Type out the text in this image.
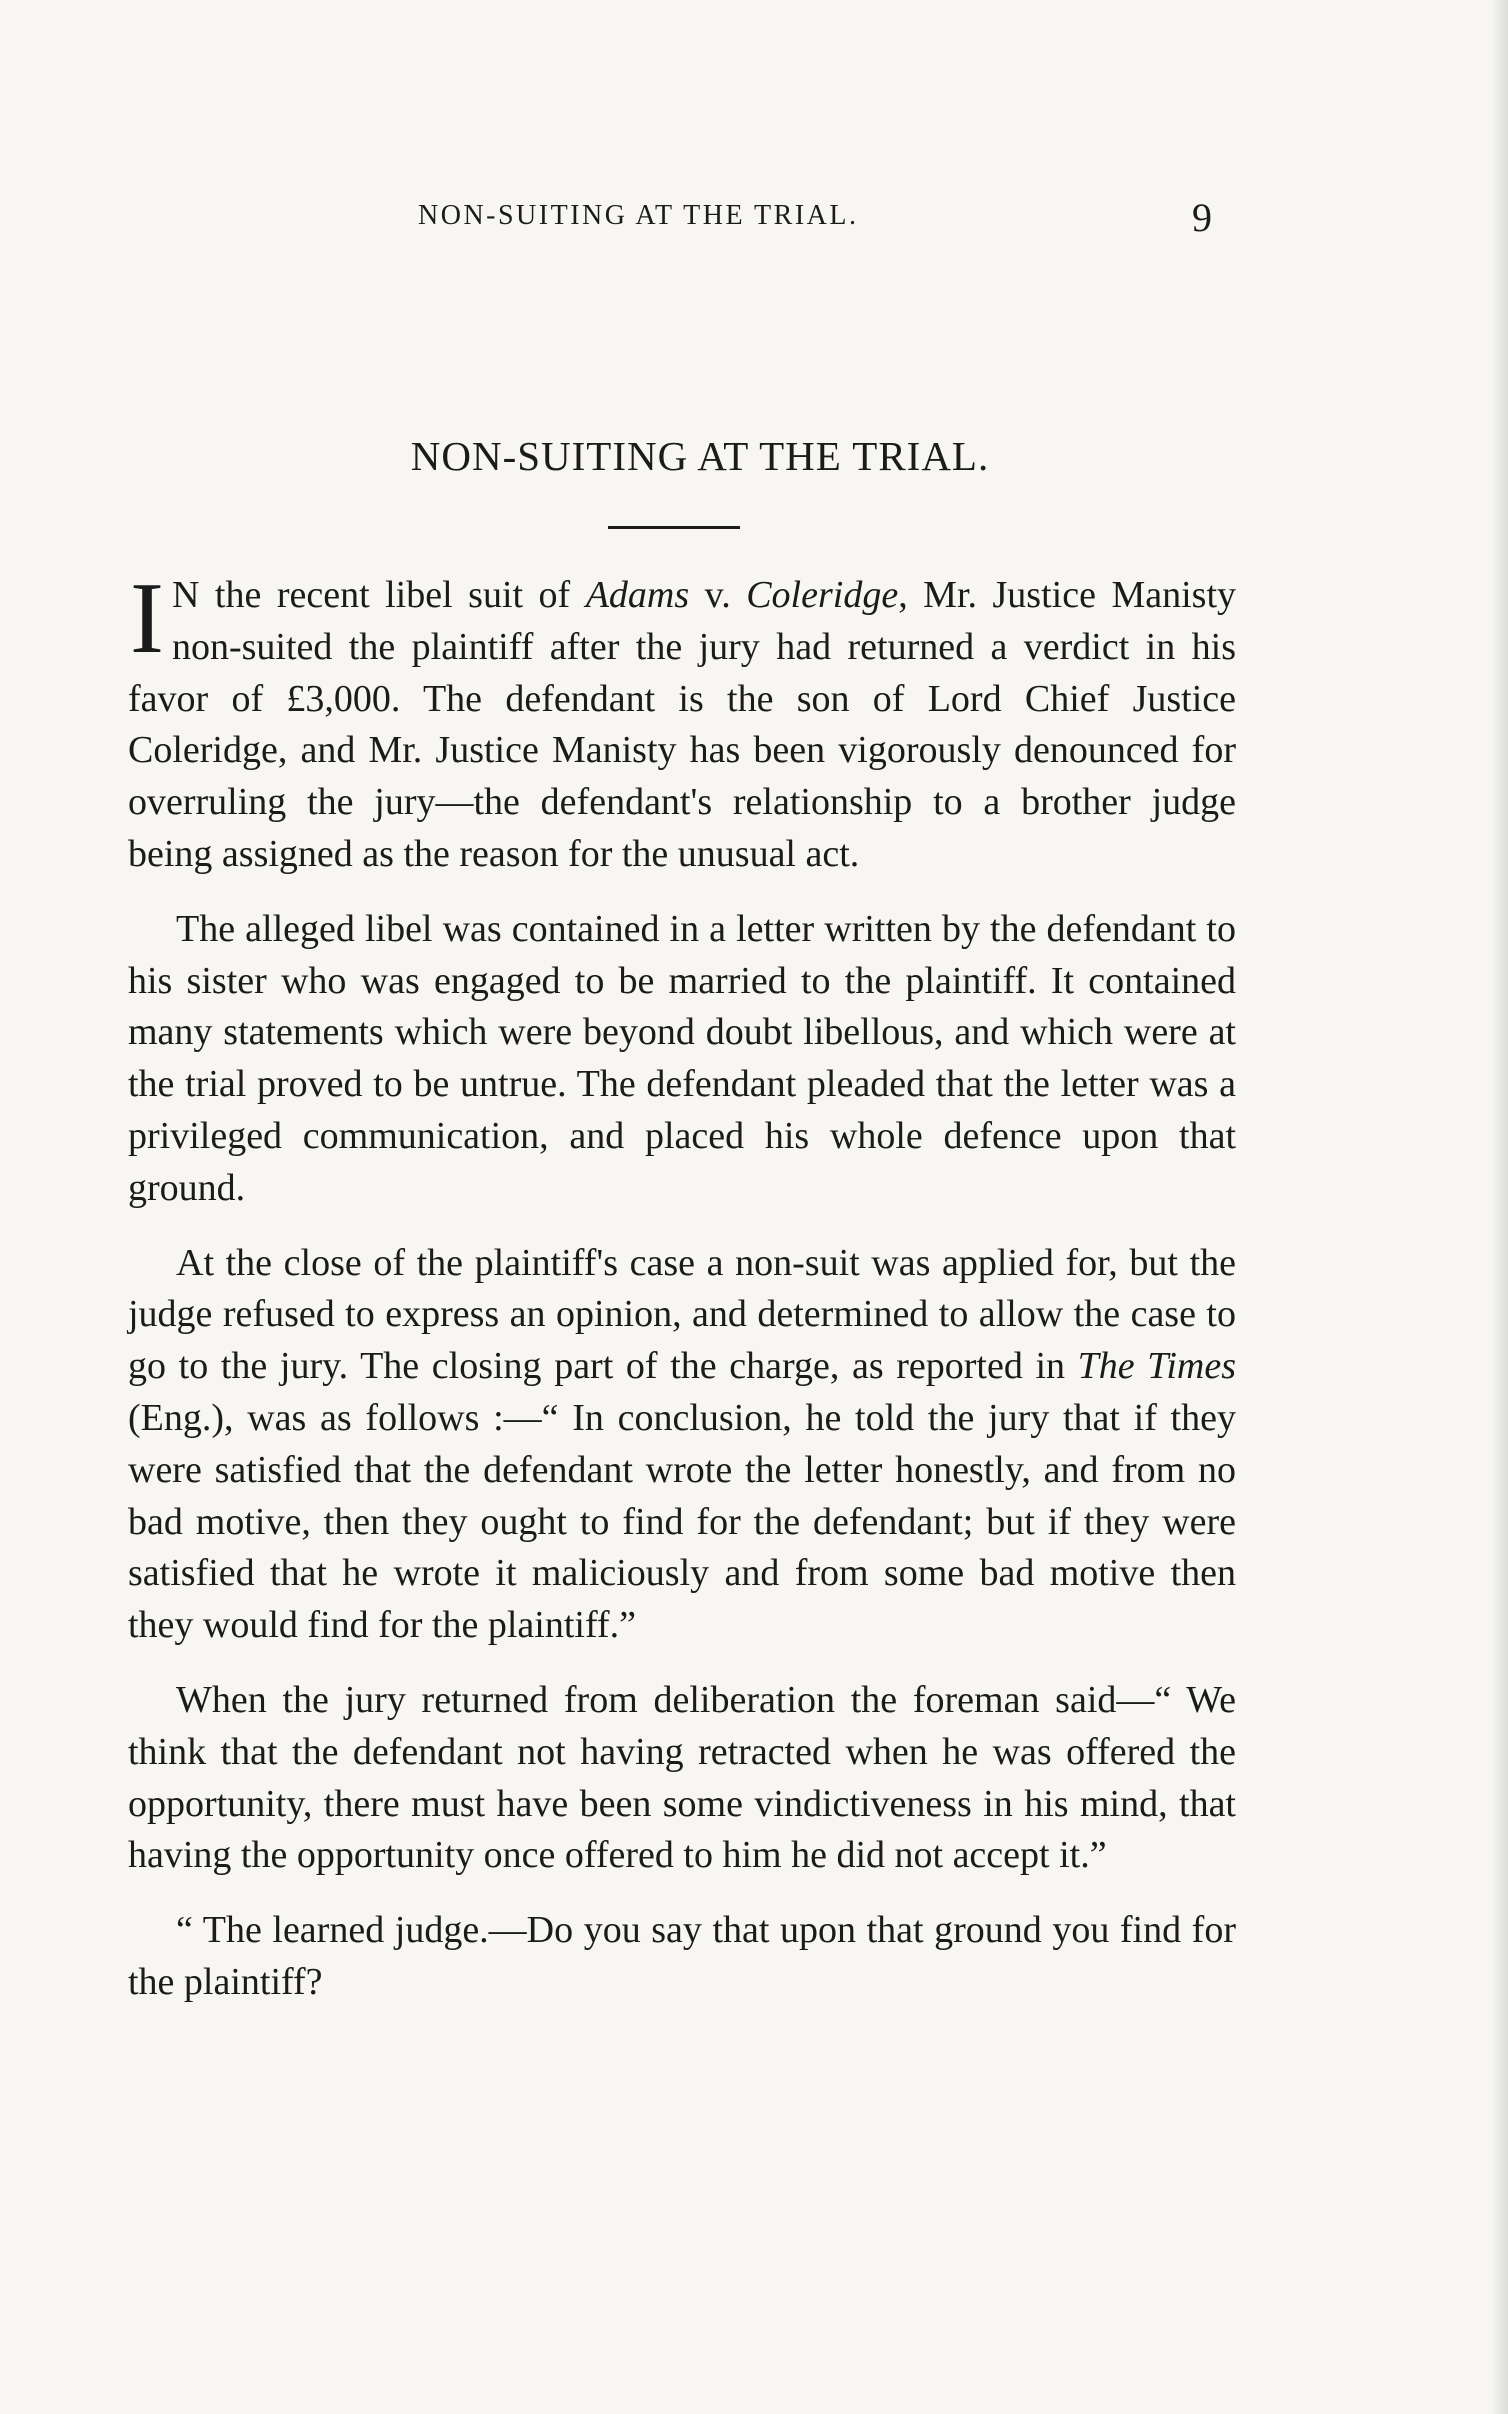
NON-SUITING AT THE TRIAL.	9
NON-SUITING AT THE TRIAL.

I N the recent libel suit of Adams v. Coleridge, Mr. Justice Manisty non-suited the plaintiff after the jury had returned a verdict in his favor of £3,000. The defendant is the son of Lord Chief Justice Coleridge, and Mr. Justice Manisty has been vigorously denounced for overruling the jury—the defendant's relationship to a brother judge being assigned as the reason for the unusual act.

The alleged libel was contained in a letter written by the defendant to his sister who was engaged to be married to the plaintiff. It contained many statements which were beyond doubt libellous, and which were at the trial proved to be untrue. The defendant pleaded that the letter was a privileged communication, and placed his whole defence upon that ground.

At the close of the plaintiff's case a non-suit was applied for, but the judge refused to express an opinion, and determined to allow the case to go to the jury. The closing part of the charge, as reported in The Times (Eng.), was as follows :—“ In conclusion, he told the jury that if they were satisfied that the defendant wrote the letter honestly, and from no bad motive, then they ought to find for the defendant; but if they were satisfied that he wrote it maliciously and from some bad motive then they would find for the plaintiff.”

When the jury returned from deliberation the foreman said—“ We think that the defendant not having retracted when he was offered the opportunity, there must have been some vindictiveness in his mind, that having the opportunity once offered to him he did not accept it.”

“ The learned judge.—Do you say that upon that ground you find for the plaintiff?
